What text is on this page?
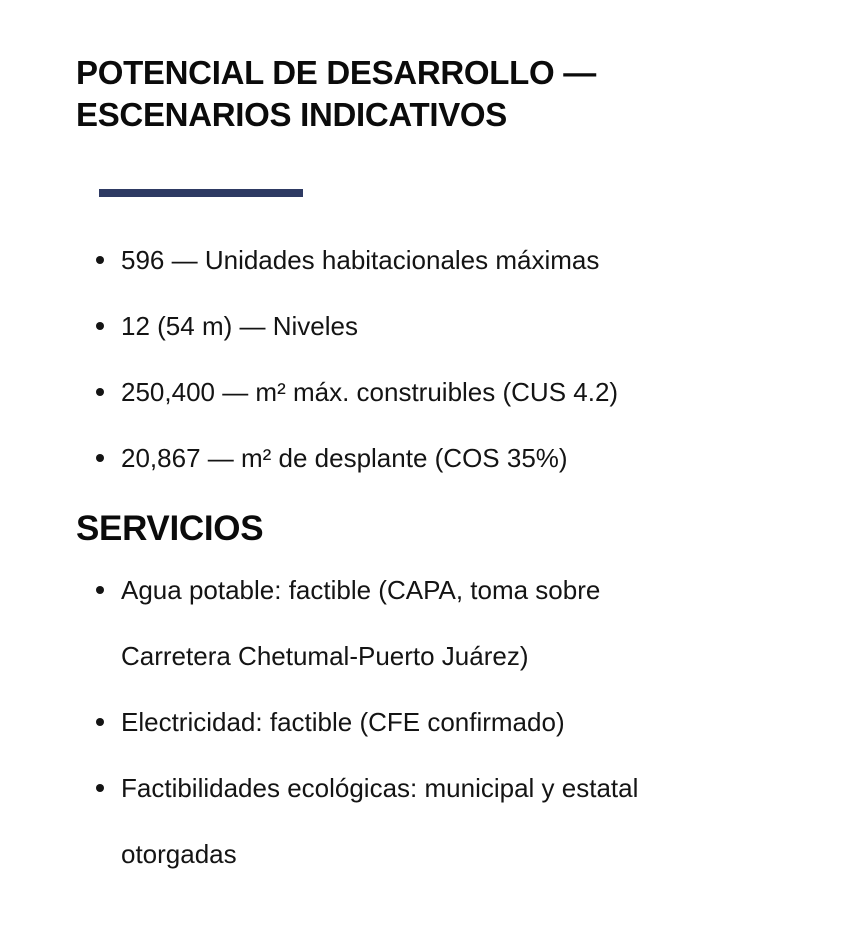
POTENCIAL DE DESARROLLO — ESCENARIOS INDICATIVOS
596 — Unidades habitacionales máximas
12 (54 m) — Niveles
250,400 — m² máx. construibles (CUS 4.2)
20,867 — m² de desplante (COS 35%)
SERVICIOS
Agua potable: factible (CAPA, toma sobre Carretera Chetumal-Puerto Juárez)
Electricidad: factible (CFE confirmado)
Factibilidades ecológicas: municipal y estatal otorgadas
